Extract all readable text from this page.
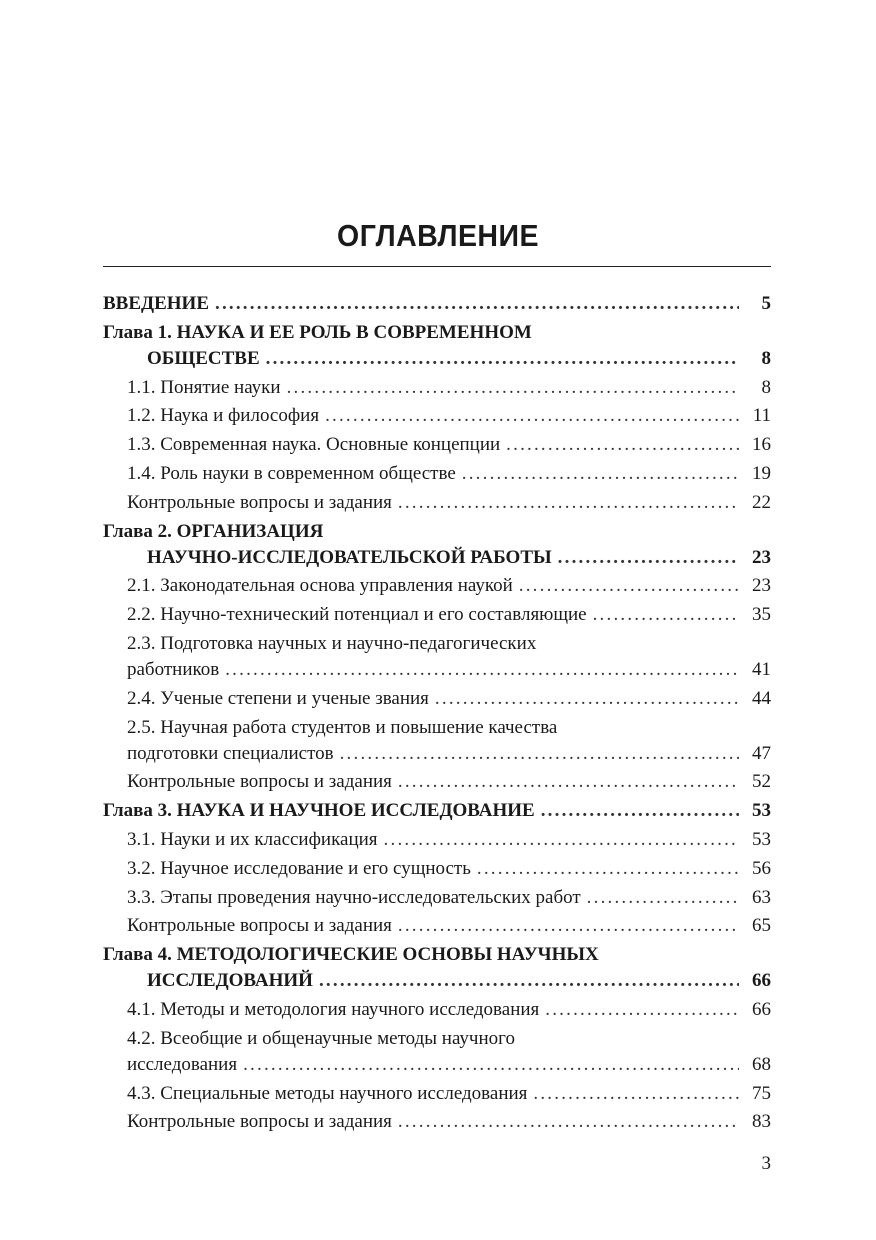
ОГЛАВЛЕНИЕ
ВВЕДЕНИЕ .....	5
Глава 1. НАУКА И ЕЕ РОЛЬ В СОВРЕМЕННОМ
ОБЩЕСТВЕ .....	8
1.1. Понятие науки .....	8
1.2. Наука и философия .....	11
1.3. Современная наука. Основные концепции .....	16
1.4. Роль науки в современном обществе .....	19
Контрольные вопросы и задания .....	22
Глава 2. ОРГАНИЗАЦИЯ
НАУЧНО-ИССЛЕДОВАТЕЛЬСКОЙ РАБОТЫ .....	23
2.1. Законодательная основа управления наукой .....	23
2.2. Научно-технический потенциал и его составляющие .....	35
2.3. Подготовка научных и научно-педагогических
работников .....	41
2.4. Ученые степени и ученые звания .....	44
2.5. Научная работа студентов и повышение качества
подготовки специалистов .....	47
Контрольные вопросы и задания .....	52
Глава 3. НАУКА И НАУЧНОЕ ИССЛЕДОВАНИЕ .....	53
3.1. Науки и их классификация .....	53
3.2. Научное исследование и его сущность .....	56
3.3. Этапы проведения научно-исследовательских работ .....	63
Контрольные вопросы и задания .....	65
Глава 4. МЕТОДОЛОГИЧЕСКИЕ ОСНОВЫ НАУЧНЫХ
ИССЛЕДОВАНИЙ .....	66
4.1. Методы и методология научного исследования .....	66
4.2. Всеобщие и общенаучные методы научного
исследования .....	68
4.3. Специальные методы научного исследования .....	75
Контрольные вопросы и задания .....	83
3
